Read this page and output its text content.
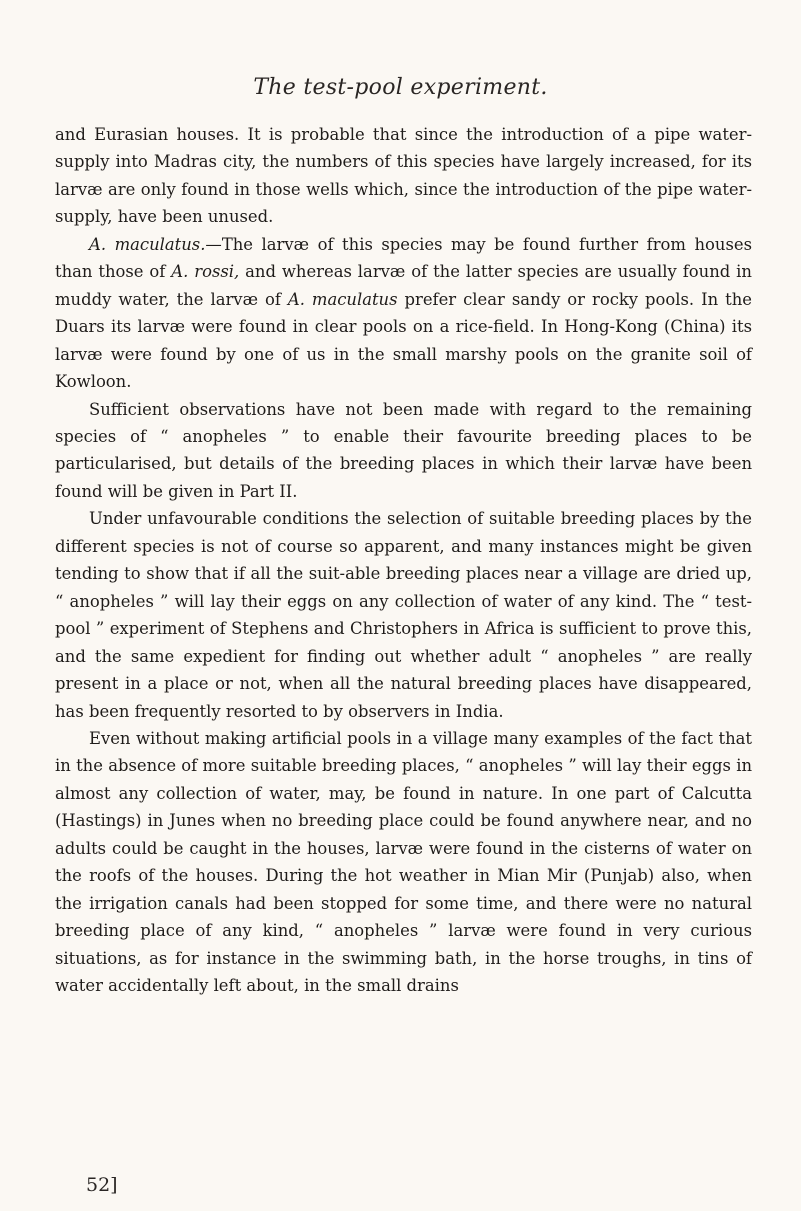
The test-pool experiment.

and Eurasian houses. It is probable that since the introduction of a pipe water-supply into Madras city, the numbers of this species have largely increased, for its larvæ are only found in those wells which, since the introduction of the pipe water-supply, have been unused.

A. maculatus.—The larvæ of this species may be found further from houses than those of A. rossi, and whereas larvæ of the latter species are usually found in muddy water, the larvæ of A. maculatus prefer clear sandy or rocky pools. In the Duars its larvæ were found in clear pools on a rice-field. In Hong-Kong (China) its larvæ were found by one of us in the small marshy pools on the granite soil of Kowloon.

Sufficient observations have not been made with regard to the remaining species of “ anopheles ” to enable their favourite breeding places to be particularised, but details of the breeding places in which their larvæ have been found will be given in Part II.

Under unfavourable conditions the selection of suitable breeding places by the different species is not of course so apparent, and many instances might be given tending to show that if all the suit-able breeding places near a village are dried up, “ anopheles ” will lay their eggs on any collection of water of any kind. The “ test-pool ” experiment of Stephens and Christophers in Africa is sufficient to prove this, and the same expedient for finding out whether adult “ anopheles ” are really present in a place or not, when all the natural breeding places have disappeared, has been frequently resorted to by observers in India.

Even without making artificial pools in a village many examples of the fact that in the absence of more suitable breeding places, “ anopheles ” will lay their eggs in almost any collection of water, may, be found in nature. In one part of Calcutta (Hastings) in Junes when no breeding place could be found anywhere near, and no adults could be caught in the houses, larvæ were found in the cisterns of water on the roofs of the houses. During the hot weather in Mian Mir (Punjab) also, when the irrigation canals had been stopped for some time, and there were no natural breeding place of any kind, “ anopheles ” larvæ were found in very curious situations, as for instance in the swimming bath, in the horse troughs, in tins of water accidentally left about, in the small drains

52]
